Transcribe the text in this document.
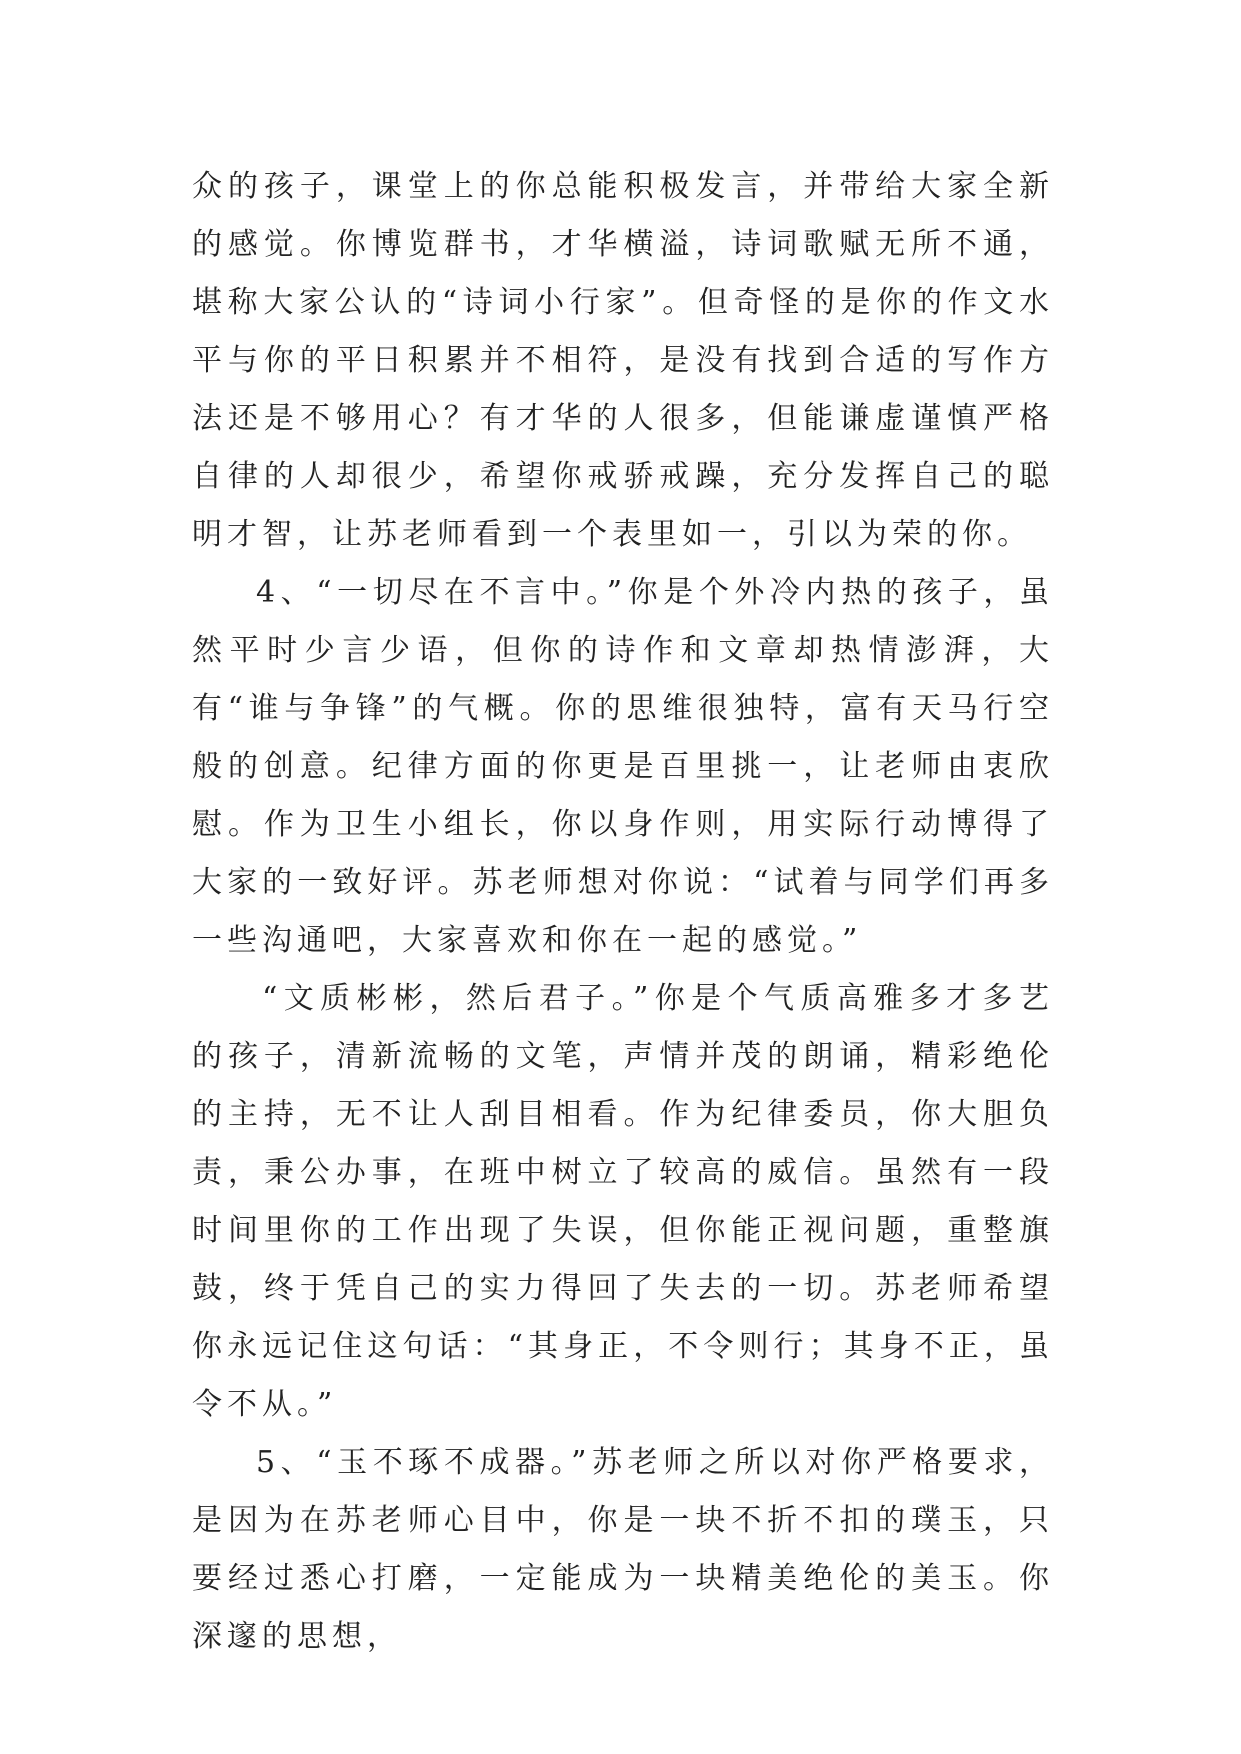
众的孩子，课堂上的你总能积极发言，并带给大家全新的感觉。你博览群书，才华横溢，诗词歌赋无所不通，堪称大家公认的“诗词小行家”。但奇怪的是你的作文水平与你的平日积累并不相符，是没有找到合适的写作方法还是不够用心？有才华的人很多，但能谦虚谨慎严格自律的人却很少，希望你戒骄戒躁，充分发挥自己的聪明才智，让苏老师看到一个表里如一，引以为荣的你。

4、“一切尽在不言中。”你是个外冷内热的孩子，虽然平时少言少语，但你的诗作和文章却热情澎湃，大有“谁与争锋”的气概。你的思维很独特，富有天马行空般的创意。纪律方面的你更是百里挑一，让老师由衷欣慰。作为卫生小组长，你以身作则，用实际行动博得了大家的一致好评。苏老师想对你说：“试着与同学们再多一些沟通吧，大家喜欢和你在一起的感觉。”

“文质彬彬，然后君子。”你是个气质高雅多才多艺的孩子，清新流畅的文笔，声情并茂的朗诵，精彩绝伦的主持，无不让人刮目相看。作为纪律委员，你大胆负责，秉公办事，在班中树立了较高的威信。虽然有一段时间里你的工作出现了失误，但你能正视问题，重整旗鼓，终于凭自己的实力得回了失去的一切。苏老师希望你永远记住这句话：“其身正，不令则行；其身不正，虽令不从。”

5、“玉不琢不成器。”苏老师之所以对你严格要求，是因为在苏老师心目中，你是一块不折不扣的璞玉，只要经过悉心打磨，一定能成为一块精美绝伦的美玉。你深邃的思想，
